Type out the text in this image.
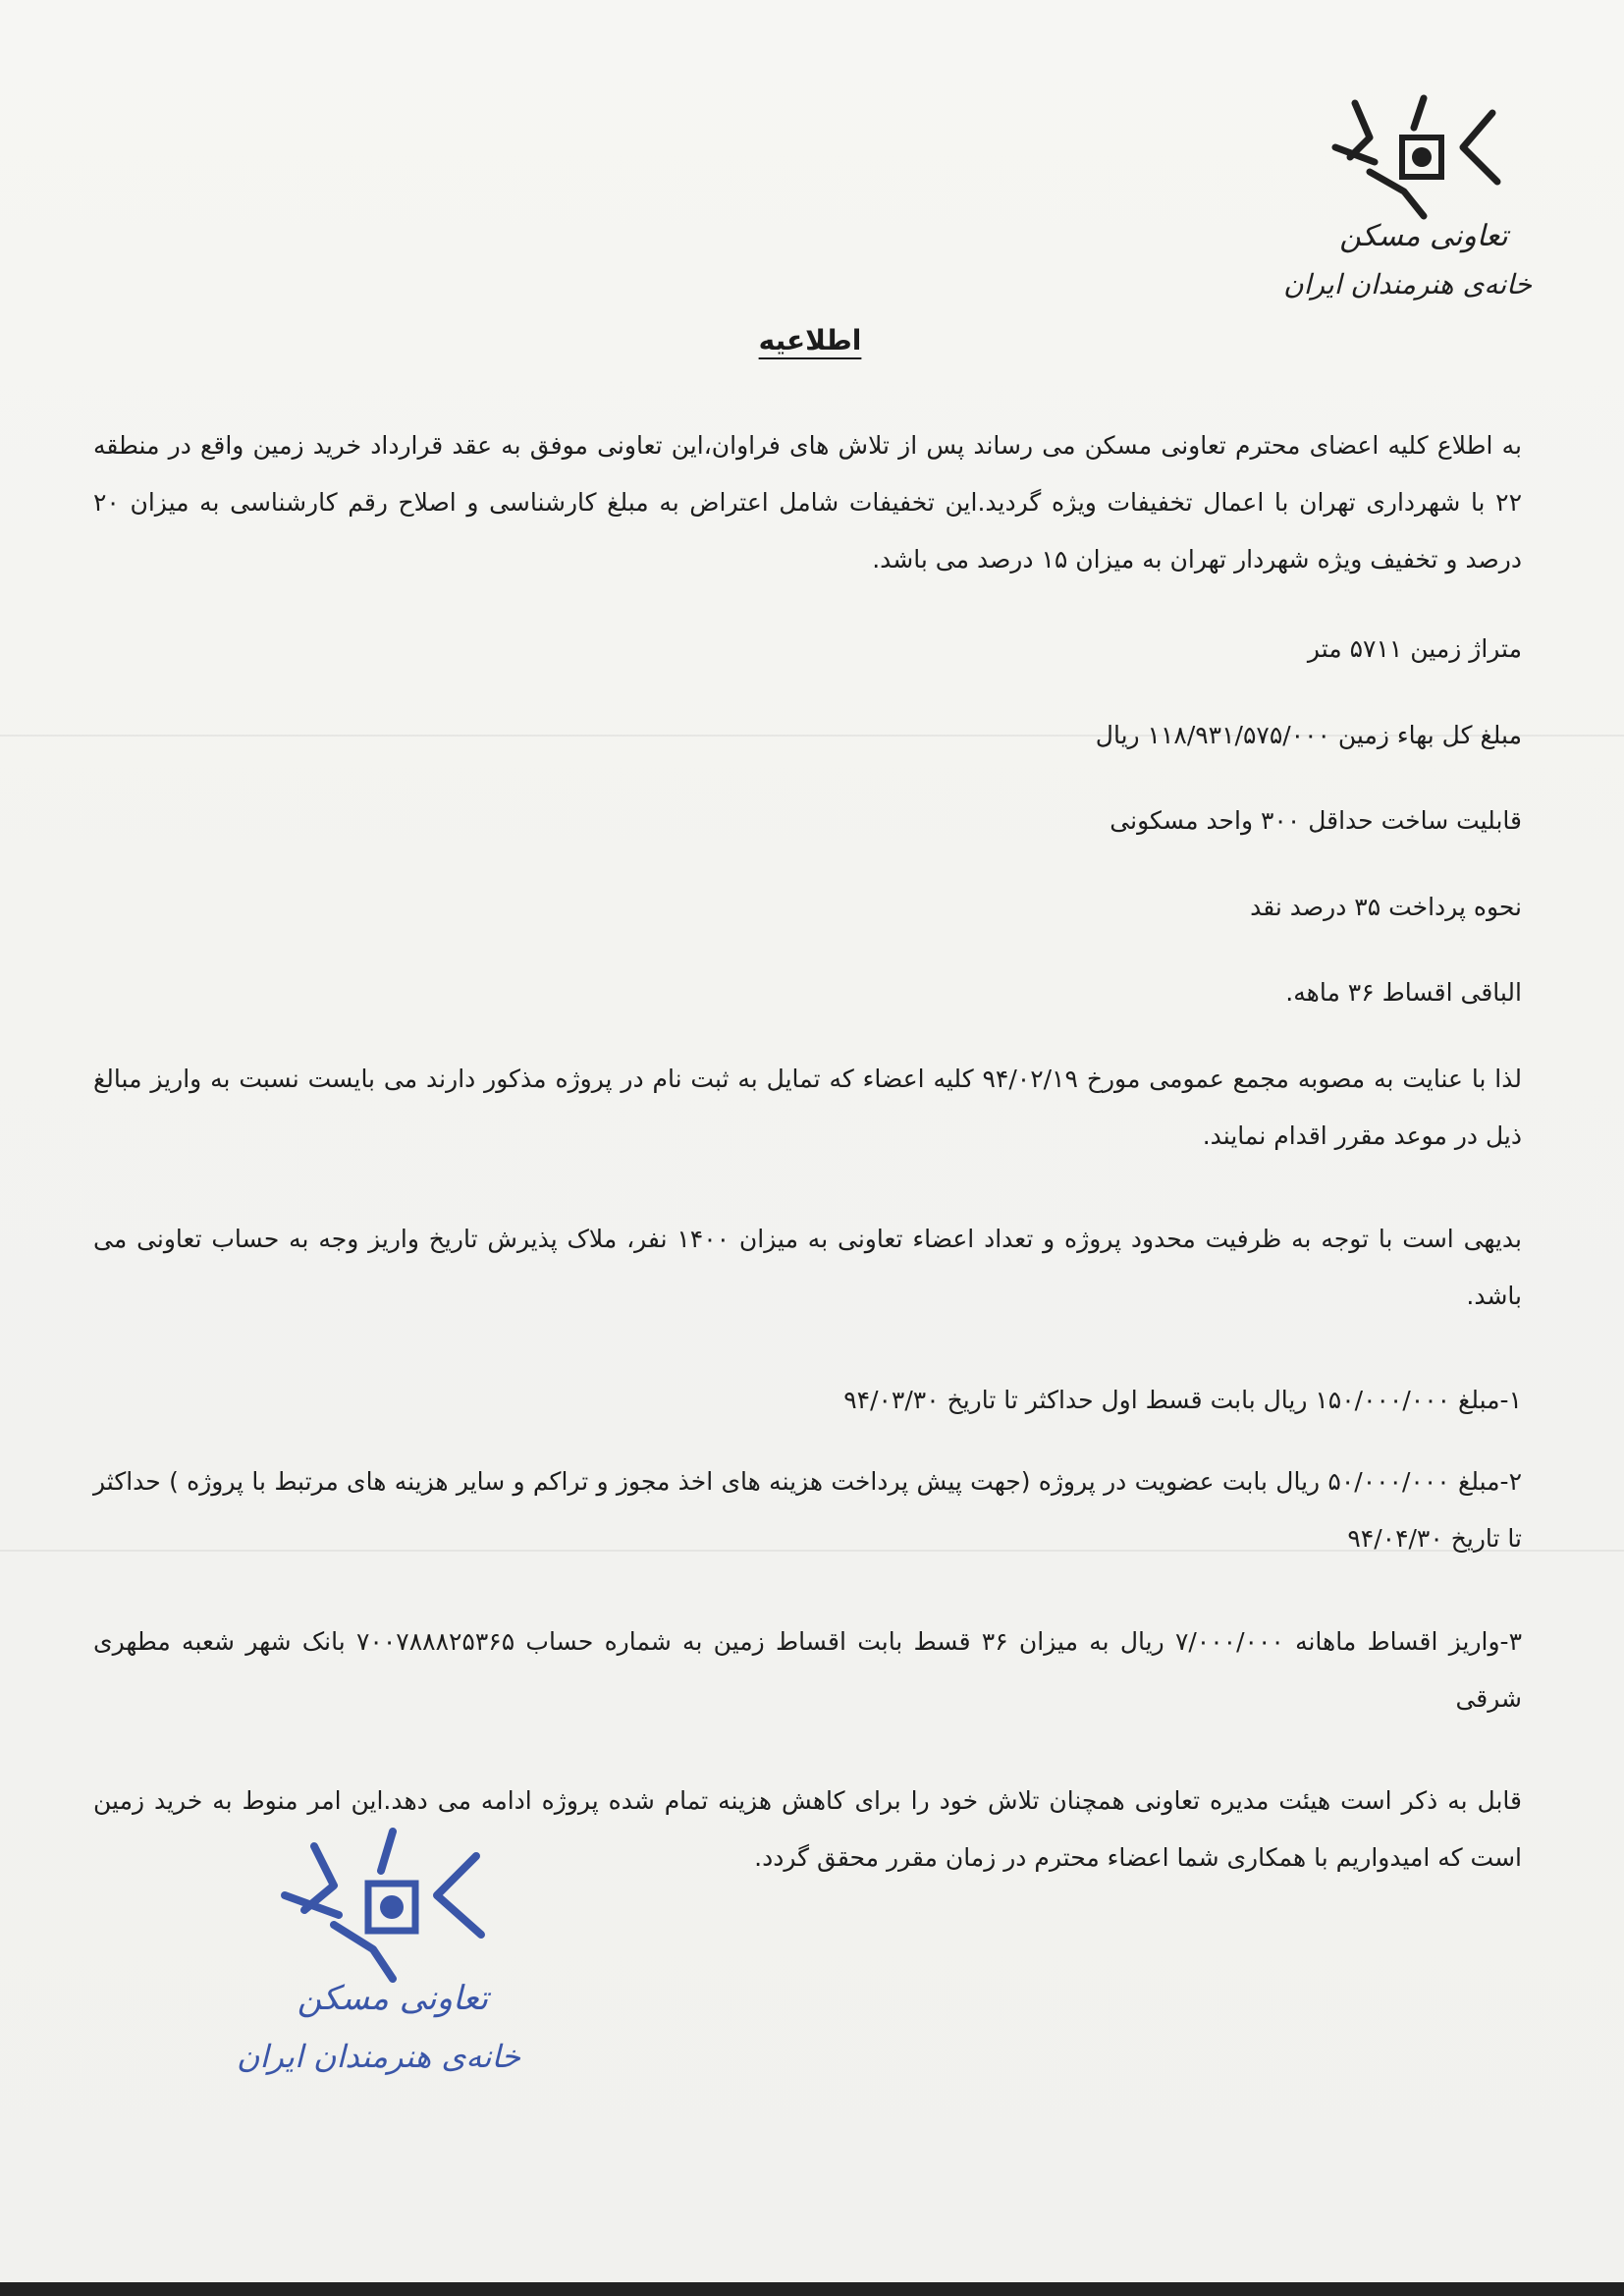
تعاونی مسکن
خانه‌ی هنرمندان ایران
اطلاعیه

به اطلاع کلیه اعضای محترم تعاونی مسکن می رساند پس از تلاش های فراوان،این تعاونی موفق به عقد قرارداد خرید زمین واقع در منطقه ۲۲ با شهرداری تهران با اعمال تخفیفات ویژه گردید.این تخفیفات شامل اعتراض به مبلغ کارشناسی و اصلاح رقم کارشناسی به میزان ۲۰ درصد و تخفیف ویژه شهردار تهران به میزان ۱۵ درصد می باشد.

متراژ زمین ۵۷۱۱ متر
مبلغ کل بهاء زمین ۱۱۸/۹۳۱/۵۷۵/۰۰۰ ریال
قابلیت ساخت حداقل ۳۰۰ واحد مسکونی
نحوه پرداخت ۳۵ درصد نقد
الباقی اقساط ۳۶ ماهه.

لذا با عنایت به مصوبه مجمع عمومی مورخ ۹۴/۰۲/۱۹ کلیه اعضاء که تمایل به ثبت نام در پروژه مذکور دارند می بایست نسبت به واریز مبالغ ذیل در موعد مقرر اقدام نمایند.

بدیهی است با توجه به ظرفیت محدود پروژه و تعداد اعضاء تعاونی به میزان ۱۴۰۰ نفر، ملاک پذیرش تاریخ واریز وجه به حساب تعاونی می باشد.

۱-مبلغ ۱۵۰/۰۰۰/۰۰۰ ریال بابت قسط اول حداکثر تا تاریخ ۹۴/۰۳/۳۰

۲-مبلغ ۵۰/۰۰۰/۰۰۰ ریال بابت عضویت در پروژه (جهت پیش پرداخت هزینه های اخذ مجوز و تراکم و سایر هزینه های مرتبط با پروژه ) حداکثر تا تاریخ ۹۴/۰۴/۳۰

۳-واریز اقساط ماهانه ۷/۰۰۰/۰۰۰ ریال به میزان ۳۶ قسط بابت اقساط زمین به شماره حساب ۷۰۰۷۸۸۸۲۵۳۶۵ بانک شهر شعبه مطهری شرقی

قابل به ذکر است هیئت مدیره تعاونی همچنان تلاش خود را برای کاهش هزینه تمام شده پروژه ادامه می دهد.این امر منوط به خرید زمین است که امیدواریم با همکاری شما اعضاء محترم در زمان مقرر محقق گردد.

تعاونی مسکن
خانه‌ی هنرمندان ایران
